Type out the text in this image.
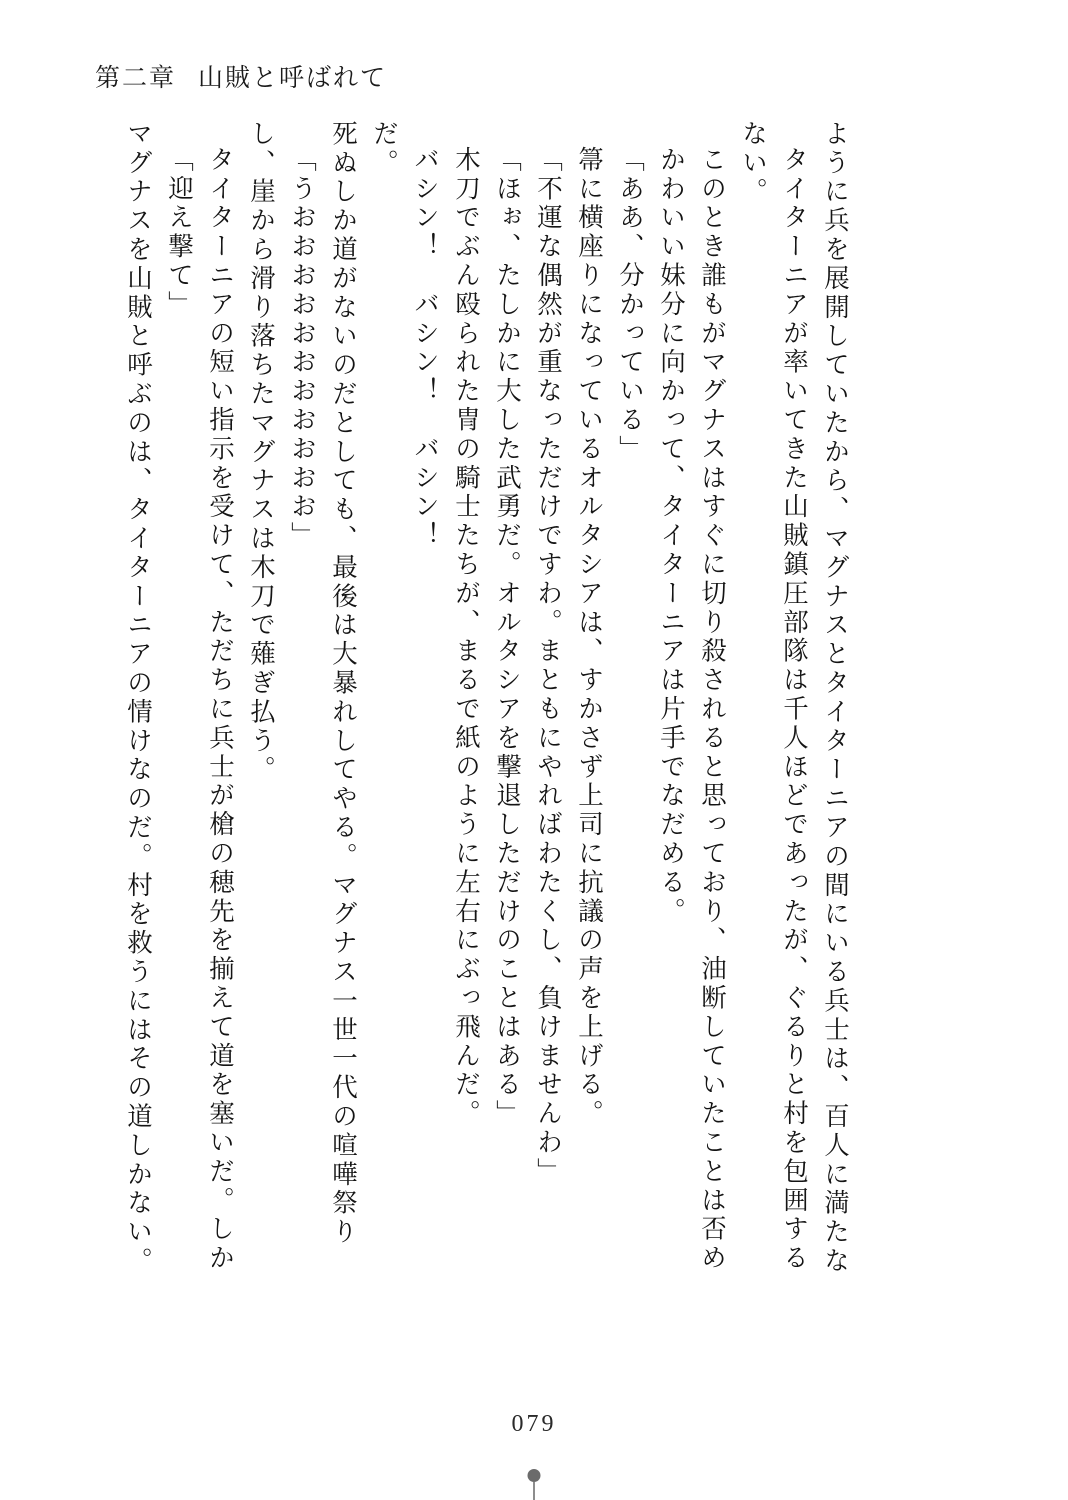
第二章 山賊と呼ばれて
マグナスを山賊と呼ぶのは、タイターニアの情けなのだ。村を救うにはその道しかない。 「迎え撃て」 タイターニアの短い指示を受けて、ただちに兵士が槍の穂先を揃えて道を塞いだ。しか し、崖から滑り落ちたマグナスは木刀で薙ぎ払う。 「うおおおおおおおおおおお」 死ぬしか道がないのだとしても、最後は大暴れしてやる。マグナス一世一代の喧嘩祭り だ。 バシン！　バシン！　バシン！ 木刀でぶん殴られた冑の騎士たちが、まるで紙のように左右にぶっ飛んだ。 「ほぉ、たしかに大した武勇だ。オルタシアを撃退しただけのことはある」 「不運な偶然が重なっただけですわ。まともにやればわたくし、負けませんわ」 箒に横座りになっているオルタシアは、すかさず上司に抗議の声を上げる。 「ああ、分かっている」 かわいい妹分に向かって、タイターニアは片手でなだめる。 このとき誰もがマグナスはすぐに切り殺されると思っており、油断していたことは否め ない。 タイターニアが率いてきた山賊鎮圧部隊は千人ほどであったが、ぐるりと村を包囲する ように兵を展開していたから、マグナスとタイターニアの間にいる兵士は、百人に満たな
079
